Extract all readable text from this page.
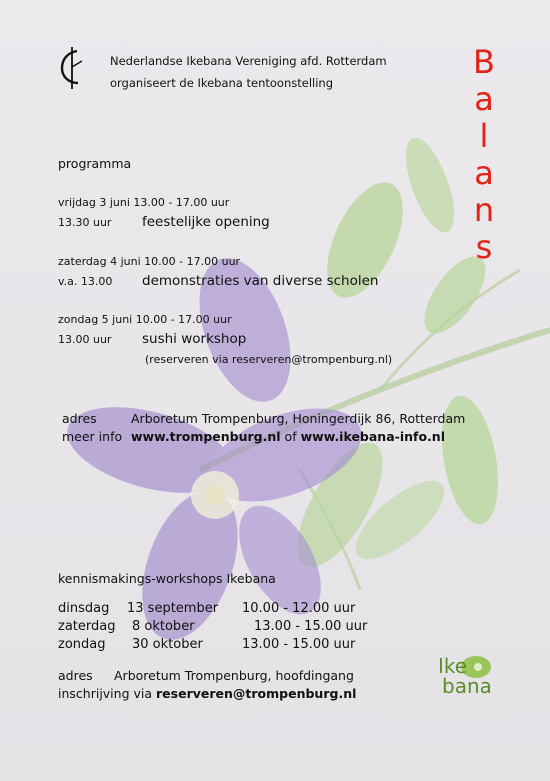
Nederlandse Ikebana Vereniging afd. Rotterdam
organiseert de Ikebana tentoonstelling
B
a
l
a
n
s
programma
vrijdag 3 juni 13.00 - 17.00 uur
13.30 uur feestelijke opening
zaterdag 4 juni 10.00 - 17.00 uur
v.a. 13.00 demonstraties van diverse scholen
zondag 5 juni 10.00 - 17.00 uur
13.00 uur sushi workshop
(reserveren via reserveren@trompenburg.nl)
adres	Arboretum Trompenburg, Honingerdijk 86, Rotterdam
meer info www.trompenburg.nl of www.ikebana-info.nl
kennismakings-workshops Ikebana
dinsdag 13 september 10.00 - 12.00 uur
zaterdag 8 oktober	13.00 - 15.00 uur
zondag 30 oktober	13.00 - 15.00 uur
adres Arboretum Trompenburg, hoofdingang
inschrijving via reserveren@trompenburg.nl
Ike
bana
